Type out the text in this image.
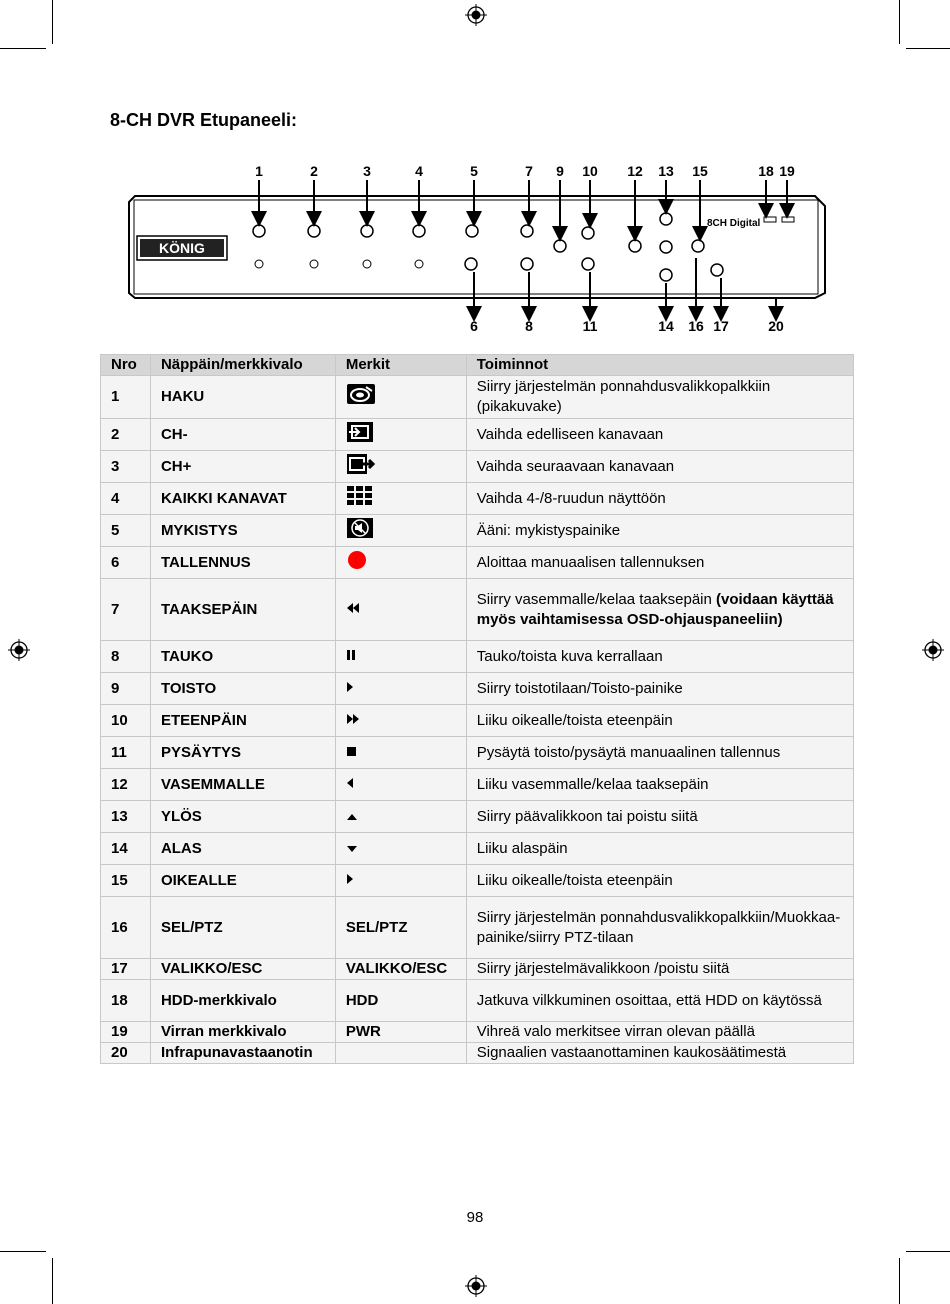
8-CH DVR Etupaneeli:
KÖNIG
8CH Digital
1	2	3	4	5	7 9 10 12 13 15	18 19
6	8	11	14 16 17	20
Nro	Näppäin/merkkivalo	Merkit	Toiminnot
1	HAKU		Siirry järjestelmän ponnahdusvalikkopalkkiin (pikakuvake)
2	CH-		Vaihda edelliseen kanavaan
3	CH+		Vaihda seuraavaan kanavaan
4	KAIKKI KANAVAT		Vaihda 4-/8-ruudun näyttöön
5	MYKISTYS		Ääni: mykistyspainike
6	TALLENNUS		Aloittaa manuaalisen tallennuksen
7	TAAKSEPÄIN		Siirry vasemmalle/kelaa taaksepäin (voidaan käyttää myös vaihtamisessa OSD-ohjauspaneeliin)
8	TAUKO		Tauko/toista kuva kerrallaan
9	TOISTO		Siirry toistotilaan/Toisto-painike
10	ETEENPÄIN		Liiku oikealle/toista eteenpäin
11	PYSÄYTYS		Pysäytä toisto/pysäytä manuaalinen tallennus
12	VASEMMALLE		Liiku vasemmalle/kelaa taaksepäin
13	YLÖS		Siirry päävalikkoon tai poistu siitä
14	ALAS		Liiku alaspäin
15	OIKEALLE		Liiku oikealle/toista eteenpäin
16	SEL/PTZ	SEL/PTZ	Siirry järjestelmän ponnahdusvalikkopalkkiin/Muokkaa-painike/siirry PTZ-tilaan
17	VALIKKO/ESC	VALIKKO/ESC	Siirry järjestelmävalikkoon /poistu siitä
18	HDD-merkkivalo	HDD	Jatkuva vilkkuminen osoittaa, että HDD on käytössä
19	Virran merkkivalo	PWR	Vihreä valo merkitsee virran olevan päällä
20	Infrapunavastaanotin		Signaalien vastaanottaminen kaukosäätimestä
98
